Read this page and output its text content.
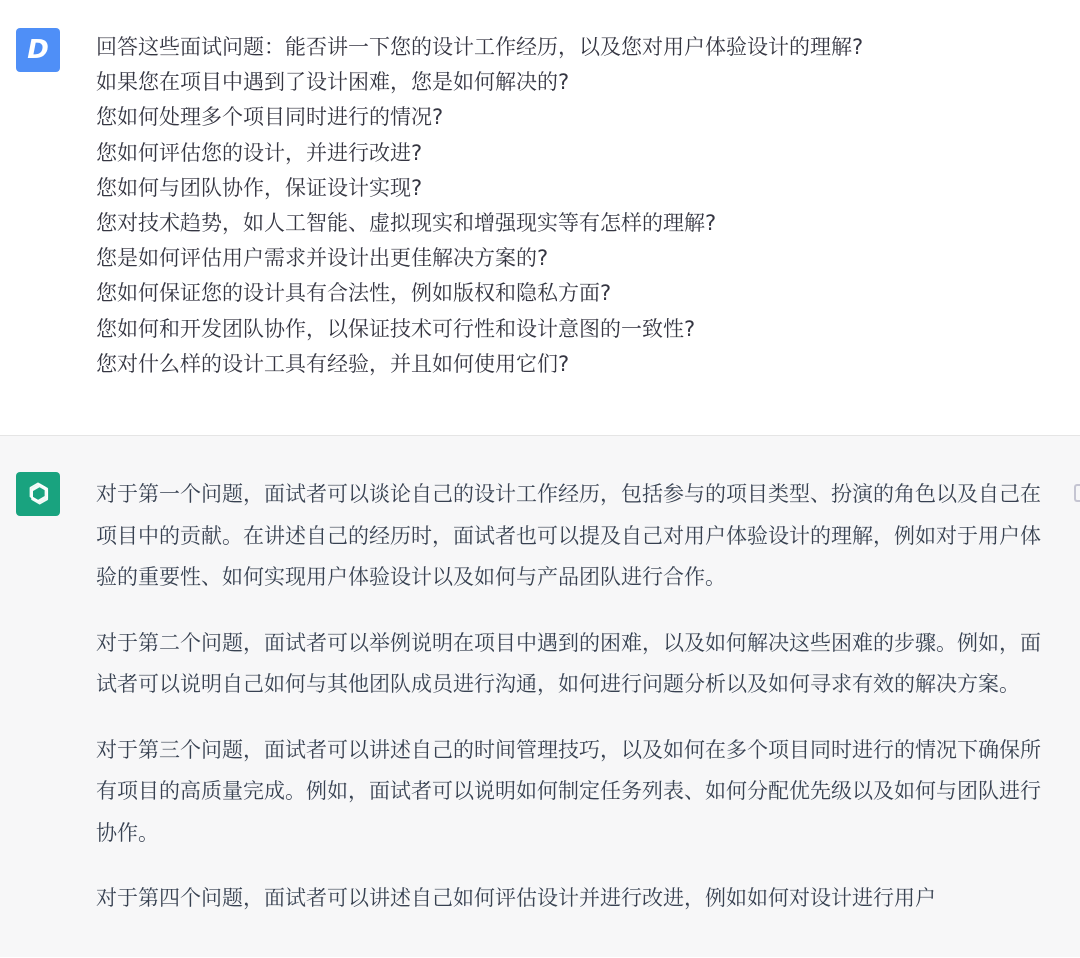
D	回答这些面试问题：能否讲一下您的设计工作经历，以及您对用户体验设计的理解?
如果您在项目中遇到了设计困难，您是如何解决的?
您如何处理多个项目同时进行的情况?
您如何评估您的设计，并进行改进?
您如何与团队协作，保证设计实现?
您对技术趋势，如人工智能、虚拟现实和增强现实等有怎样的理解?
您是如何评估用户需求并设计出更佳解决方案的?
您如何保证您的设计具有合法性，例如版权和隐私方面?
您如何和开发团队协作，以保证技术可行性和设计意图的一致性?
您对什么样的设计工具有经验，并且如何使用它们?

对于第一个问题，面试者可以谈论自己的设计工作经历，包括参与的项目类型、扮演的角色以及自己在项目中的贡献。在讲述自己的经历时，面试者也可以提及自己对用户体验设计的理解，例如对于用户体验的重要性、如何实现用户体验设计以及如何与产品团队进行合作。

对于第二个问题，面试者可以举例说明在项目中遇到的困难，以及如何解决这些困难的步骤。例如，面试者可以说明自己如何与其他团队成员进行沟通，如何进行问题分析以及如何寻求有效的解决方案。

对于第三个问题，面试者可以讲述自己的时间管理技巧，以及如何在多个项目同时进行的情况下确保所有项目的高质量完成。例如，面试者可以说明如何制定任务列表、如何分配优先级以及如何与团队进行协作。

对于第四个问题，面试者可以讲述自己如何评估设计并进行改进，例如如何对设计进行用户
